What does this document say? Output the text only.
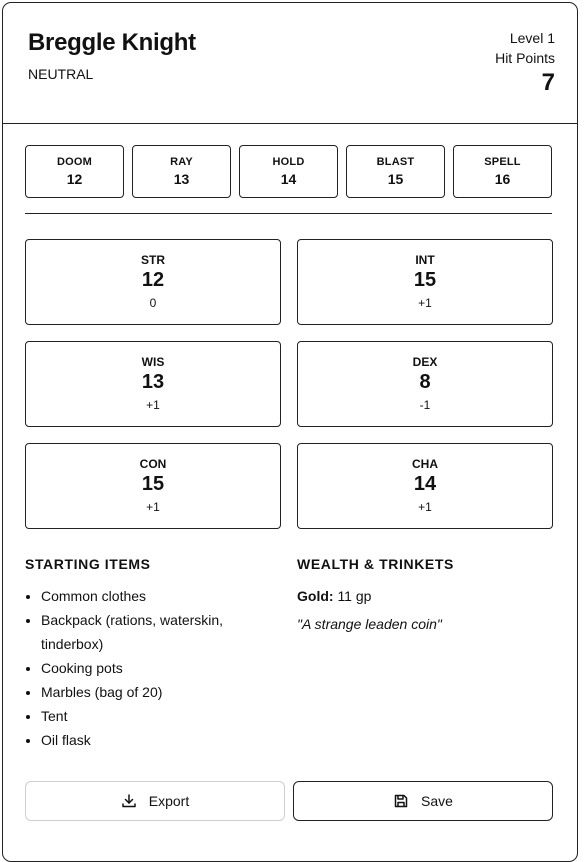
Breggle Knight
NEUTRAL
Level 1
Hit Points
7
DOOM
12
RAY
13
HOLD
14
BLAST
15
SPELL
16
STR
12
0
INT
15
+1
WIS
13
+1
DEX
8
-1
CON
15
+1
CHA
14
+1
STARTING ITEMS
• Common clothes
• Backpack (rations, waterskin, tinderbox)
• Cooking pots
• Marbles (bag of 20)
• Tent
• Oil flask
WEALTH & TRINKETS
Gold: 11 gp
"A strange leaden coin"
Export	Save
